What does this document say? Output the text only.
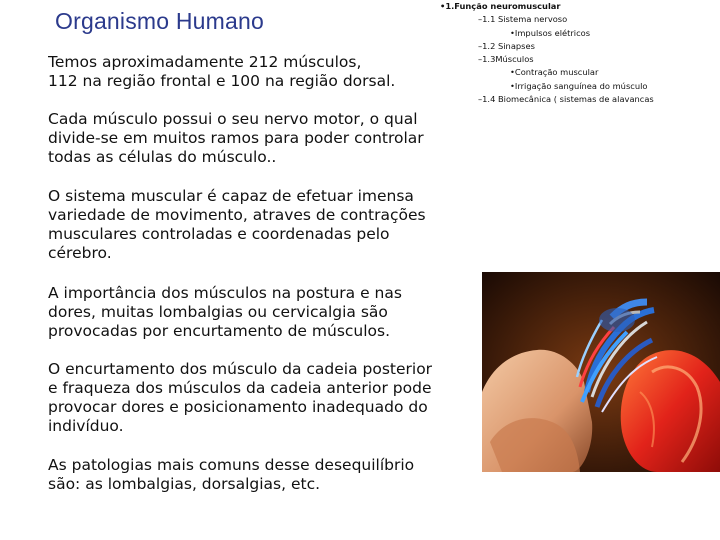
Organismo Humano
Temos aproximadamente 212 músculos,
112 na região frontal e 100 na região dorsal.
Cada músculo possui o seu nervo motor, o qual
divide-se em muitos ramos para poder controlar
todas as células do músculo..
O sistema muscular é capaz de efetuar imensa
variedade de movimento, atraves de contrações
musculares controladas e coordenadas pelo
cérebro.
A importância dos músculos na postura e nas
dores, muitas lombalgias ou cervicalgia são
provocadas por encurtamento de músculos.
O encurtamento dos músculo da cadeia posterior
e fraqueza dos músculos da cadeia anterior pode
provocar dores e posicionamento inadequado do
indivíduo.
As patologias mais comuns desse desequilíbrio
são: as lombalgias, dorsalgias, etc.
•1.Função neuromuscular
–1.1 Sistema nervoso
•Impulsos elétricos
–1.2 Sinapses
–1.3Músculos
•Contração muscular
•Irrigação sanguínea do músculo
–1.4 Biomecânica ( sistemas de alavancas
